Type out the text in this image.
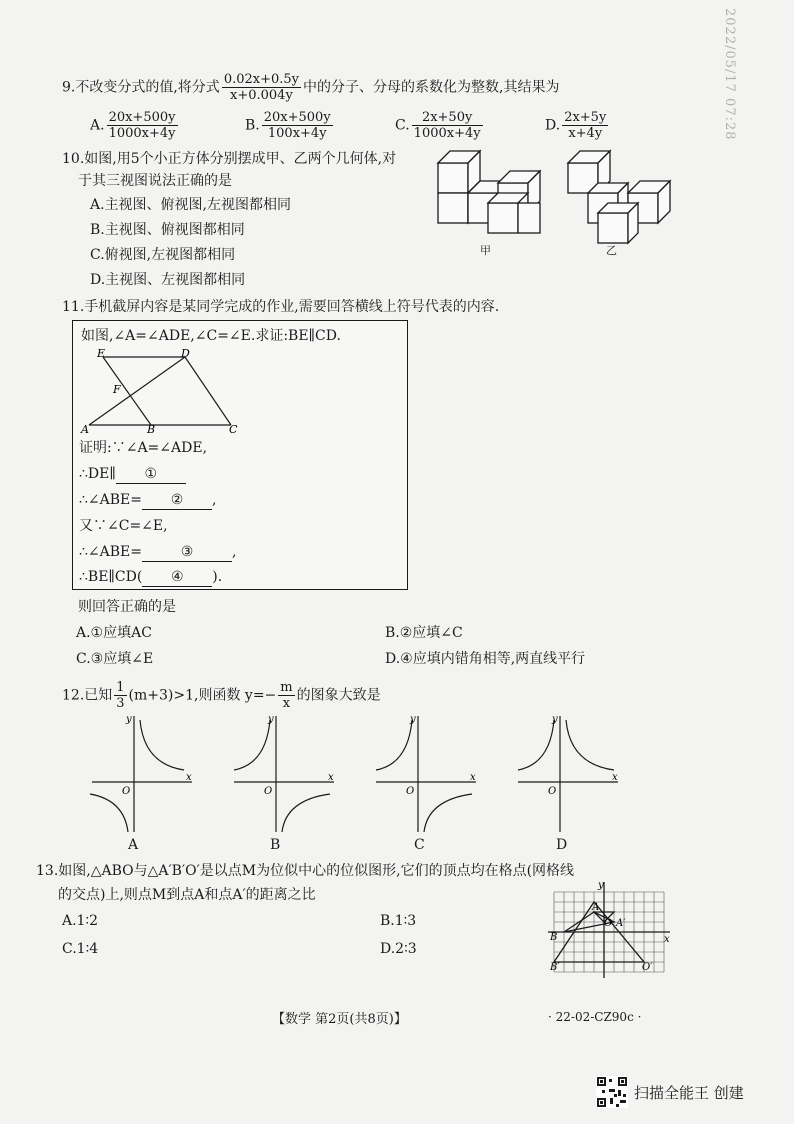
2022/05/17 07:28
9.不改变分式的值,将分式 $\frac{0.02x+0.5y}{x+0.004y}$ 中的分子、分母的系数化为整数,其结果为
A. $\frac{20x+500y}{1000x+4y}$	B. $\frac{20x+500y}{100x+4y}$	C. $\frac{2x+50y}{1000x+4y}$	D. $\frac{2x+5y}{x+4y}$
10.如图,用5个小正方体分别摆成甲、乙两个几何体,对
于其三视图说法正确的是
A.主视图、俯视图,左视图都相同
B.主视图、俯视图都相同
C.俯视图,左视图都相同
D.主视图、左视图都相同
甲	乙
11.手机截屏内容是某同学完成的作业,需要回答横线上符号代表的内容.
如图,∠A=∠ADE,∠C=∠E.求证:BE∥CD.
E	D
F
A	B	C
证明:∵∠A=∠ADE,
∴DE∥ ①
∴∠ABE= ② ,
又∵∠C=∠E,
∴∠ABE=	③	,
∴BE∥CD( ④ ).
则回答正确的是
A.①应填AC	B.②应填∠C
C.③应填∠E	D.④应填内错角相等,两直线平行
12.已知 $\frac{1}{3} (m+3)>1$,则函数 $y=- \frac{m}{x}$ 的图象大致是
y
x
O
y
x
O
y
x
O
y
x
O
A	B	C	D
13.如图,△ABO与△A′B′O′是以点M为位似中心的位似图形,它们的顶点均在格点(网格线
的交点)上,则点M到点A和点A′的距离之比
A.1∶2	B.1∶3
C.1∶4	D.2∶3
y
x
A
O A′
B
B′	O′
【数学 第2页(共8页)】	· 22-02-CZ90c ·
扫描全能王 创建
